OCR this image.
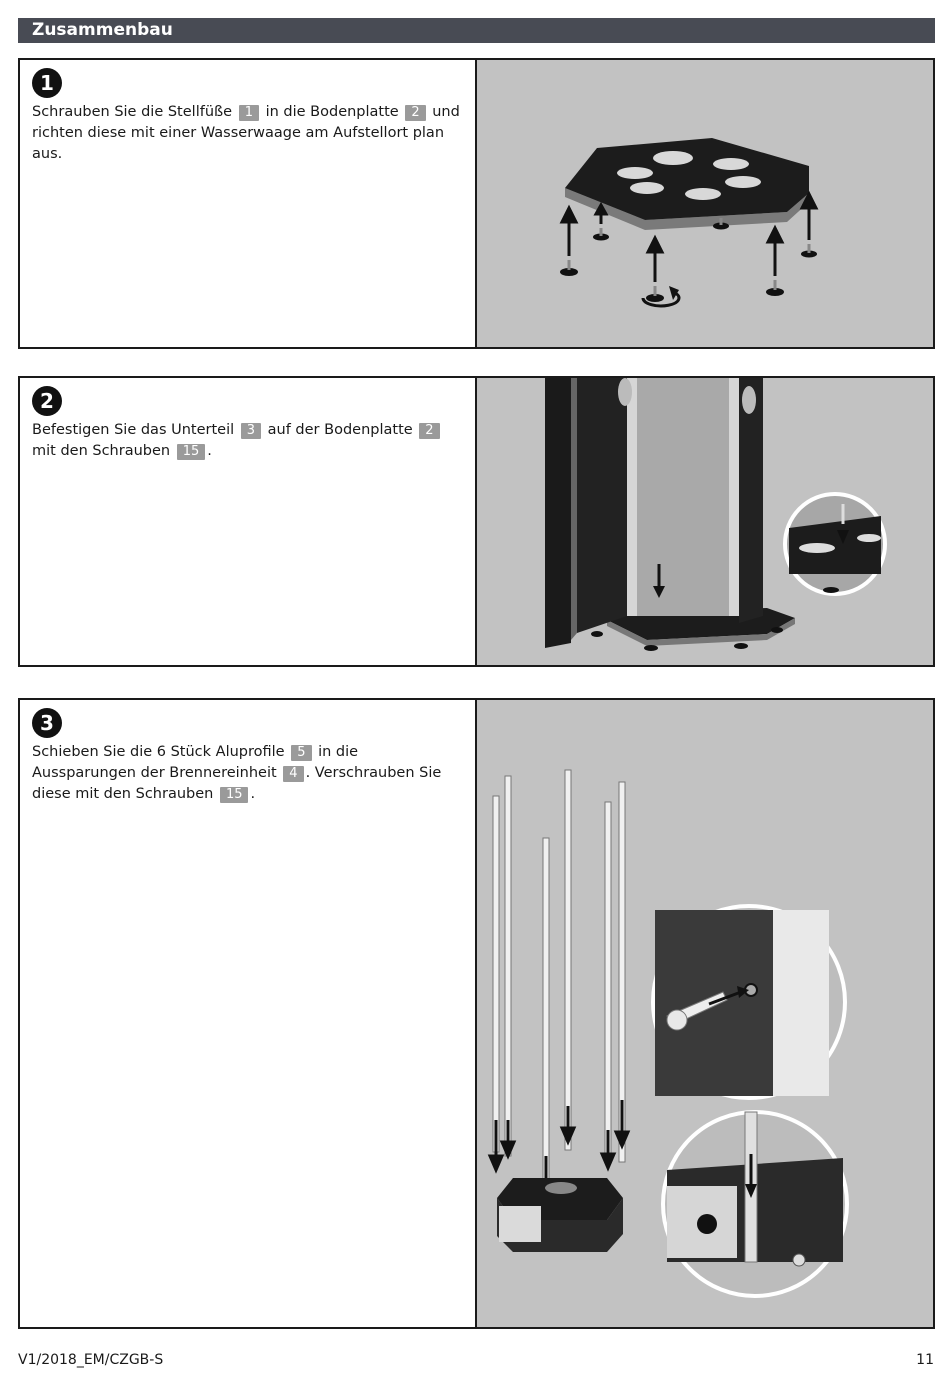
Zusammenbau
1
Schrauben Sie die Stellfüße 1 in die Bodenplatte 2 und richten diese mit einer Wasserwaage am Aufstellort plan aus.
2
Befestigen Sie das Unterteil 3 auf der Bodenplatte 2 mit den Schrauben 15 .
3
Schieben Sie die 6 Stück Aluprofile 5 in die Aussparungen der Brennereinheit 4 . Verschrauben Sie diese mit den Schrauben 15 .
V1/2018_EM/CZGB-S	11
